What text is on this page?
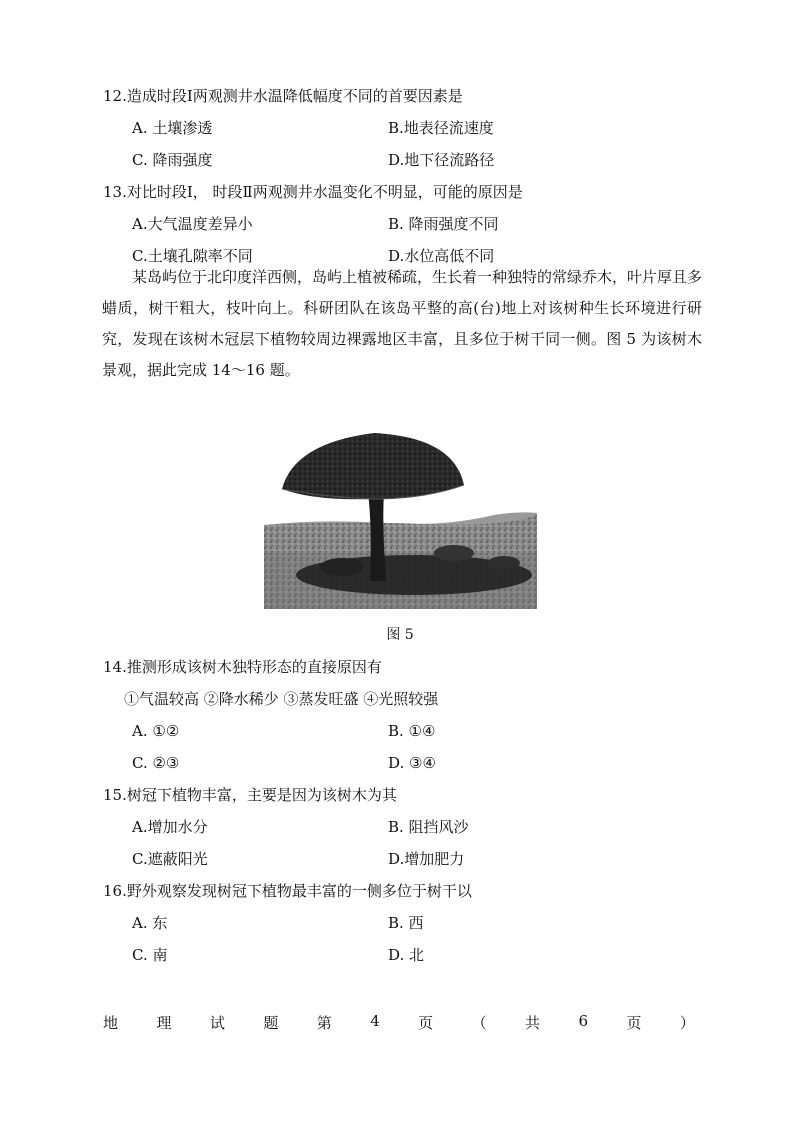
12.造成时段Ⅰ两观测井水温降低幅度不同的首要因素是
A. 土壤渗透	B.地表径流速度
C. 降雨强度	D.地下径流路径
13.对比时段Ⅰ， 时段Ⅱ两观测井水温变化不明显，可能的原因是
A.大气温度差异小	B. 降雨强度不同
C.土壤孔隙率不同	D.水位高低不同

某岛屿位于北印度洋西侧，岛屿上植被稀疏，生长着一种独特的常绿乔木，叶片厚且多蜡质，树干粗大，枝叶向上。科研团队在该岛平整的高(台)地上对该树种生长环境进行研究，发现在该树木冠层下植物较周边裸露地区丰富，且多位于树干同一侧。图 5 为该树木景观，据此完成 14～16 题。

图 5
14.推测形成该树木独特形态的直接原因有
①气温较高 ②降水稀少 ③蒸发旺盛 ④光照较强
A. ①②	B. ①④
C. ②③	D. ③④
15.树冠下植物丰富，主要是因为该树木为其
A.增加水分	B. 阻挡风沙
C.遮蔽阳光	D.增加肥力
16.野外观察发现树冠下植物最丰富的一侧多位于树干以
A. 东	B. 西
C. 南	D. 北
地	理	试	题	第	4	页	（	共	6	页	）
